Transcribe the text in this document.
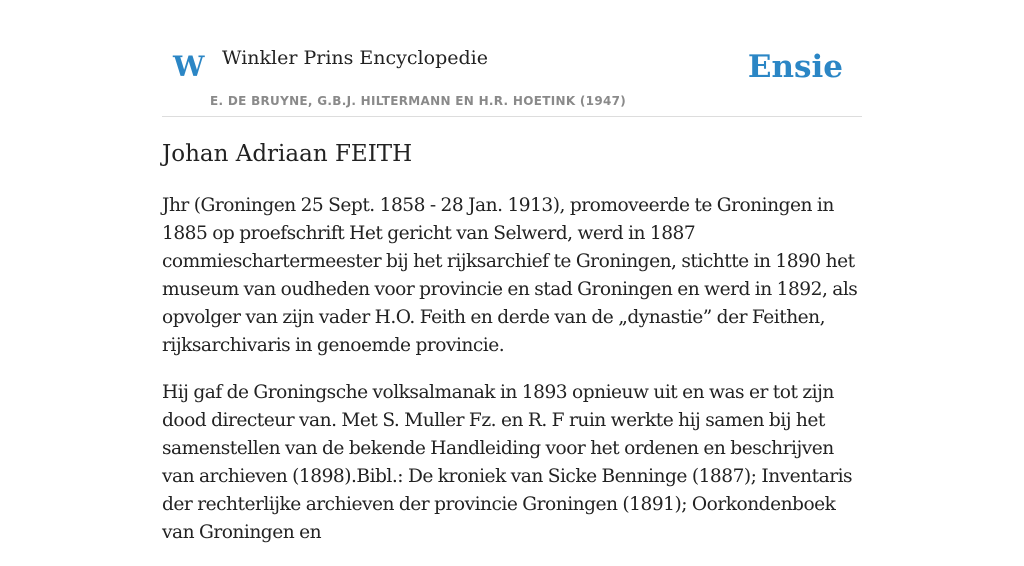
W Winkler Prins Encyclopedie
E. DE BRUYNE, G.B.J. HILTERMANN EN H.R. HOETINK (1947)
Ensie
Johan Adriaan FEITH

Jhr (Groningen 25 Sept. 1858 - 28 Jan. 1913), promoveerde te Groningen in 1885 op proefschrift Het gericht van Selwerd, werd in 1887 commieschartermeester bij het rijksarchief te Groningen, stichtte in 1890 het museum van oudheden voor provincie en stad Groningen en werd in 1892, als opvolger van zijn vader H.O. Feith en derde van de „dynastie” der Feithen, rijksarchivaris in genoemde provincie.

Hij gaf de Groningsche volksalmanak in 1893 opnieuw uit en was er tot zijn dood directeur van. Met S. Muller Fz. en R. F ruin werkte hij samen bij het samenstellen van de bekende Handleiding voor het ordenen en beschrijven van archieven (1898).Bibl.: De kroniek van Sicke Benninge (1887); Inventaris der rechterlijke archieven der provincie Groningen (1891); Oorkondenboek van Groningen en
